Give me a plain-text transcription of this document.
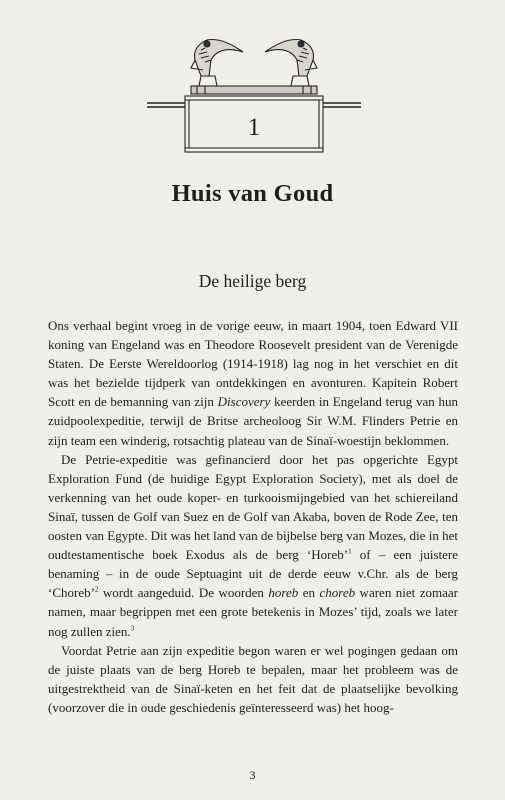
1
Huis van Goud
De heilige berg

Ons verhaal begint vroeg in de vorige eeuw, in maart 1904, toen Edward VII koning van Engeland was en Theodore Roosevelt president van de Verenigde Staten. De Eerste Wereldoorlog (1914-1918) lag nog in het verschiet en dit was het bezielde tijdperk van ontdekkingen en avonturen. Kapitein Robert Scott en de bemanning van zijn Discovery keerden in Engeland terug van hun zuidpoolexpeditie, terwijl de Britse archeoloog Sir W.M. Flinders Petrie en zijn team een winderig, rotsachtig plateau van de Sinaï-woestijn beklommen.

De Petrie-expeditie was gefinancierd door het pas opgerichte Egypt Exploration Fund (de huidige Egypt Exploration Society), met als doel de verkenning van het oude koper- en turkooismijngebied van het schiereiland Sinaï, tussen de Golf van Suez en de Golf van Akaba, boven de Rode Zee, ten oosten van Egypte. Dit was het land van de bijbelse berg van Mozes, die in het oudtestamentische boek Exodus als de berg ‘Horeb’$^1$ of – een juistere benaming – in de oude Septuagint uit de derde eeuw v.Chr. als de berg ‘Choreb’$^2$ wordt aangeduid. De woorden horeb en choreb waren niet zomaar namen, maar begrippen met een grote betekenis in Mozes’ tijd, zoals we later nog zullen zien.$^3$

Voordat Petrie aan zijn expeditie begon waren er wel pogingen gedaan om de juiste plaats van de berg Horeb te bepalen, maar het probleem was de uitgestrektheid van de Sinaï-keten en het feit dat de plaatselijke bevolking (voorzover die in oude geschiedenis geïnteresseerd was) het hoog-

3
